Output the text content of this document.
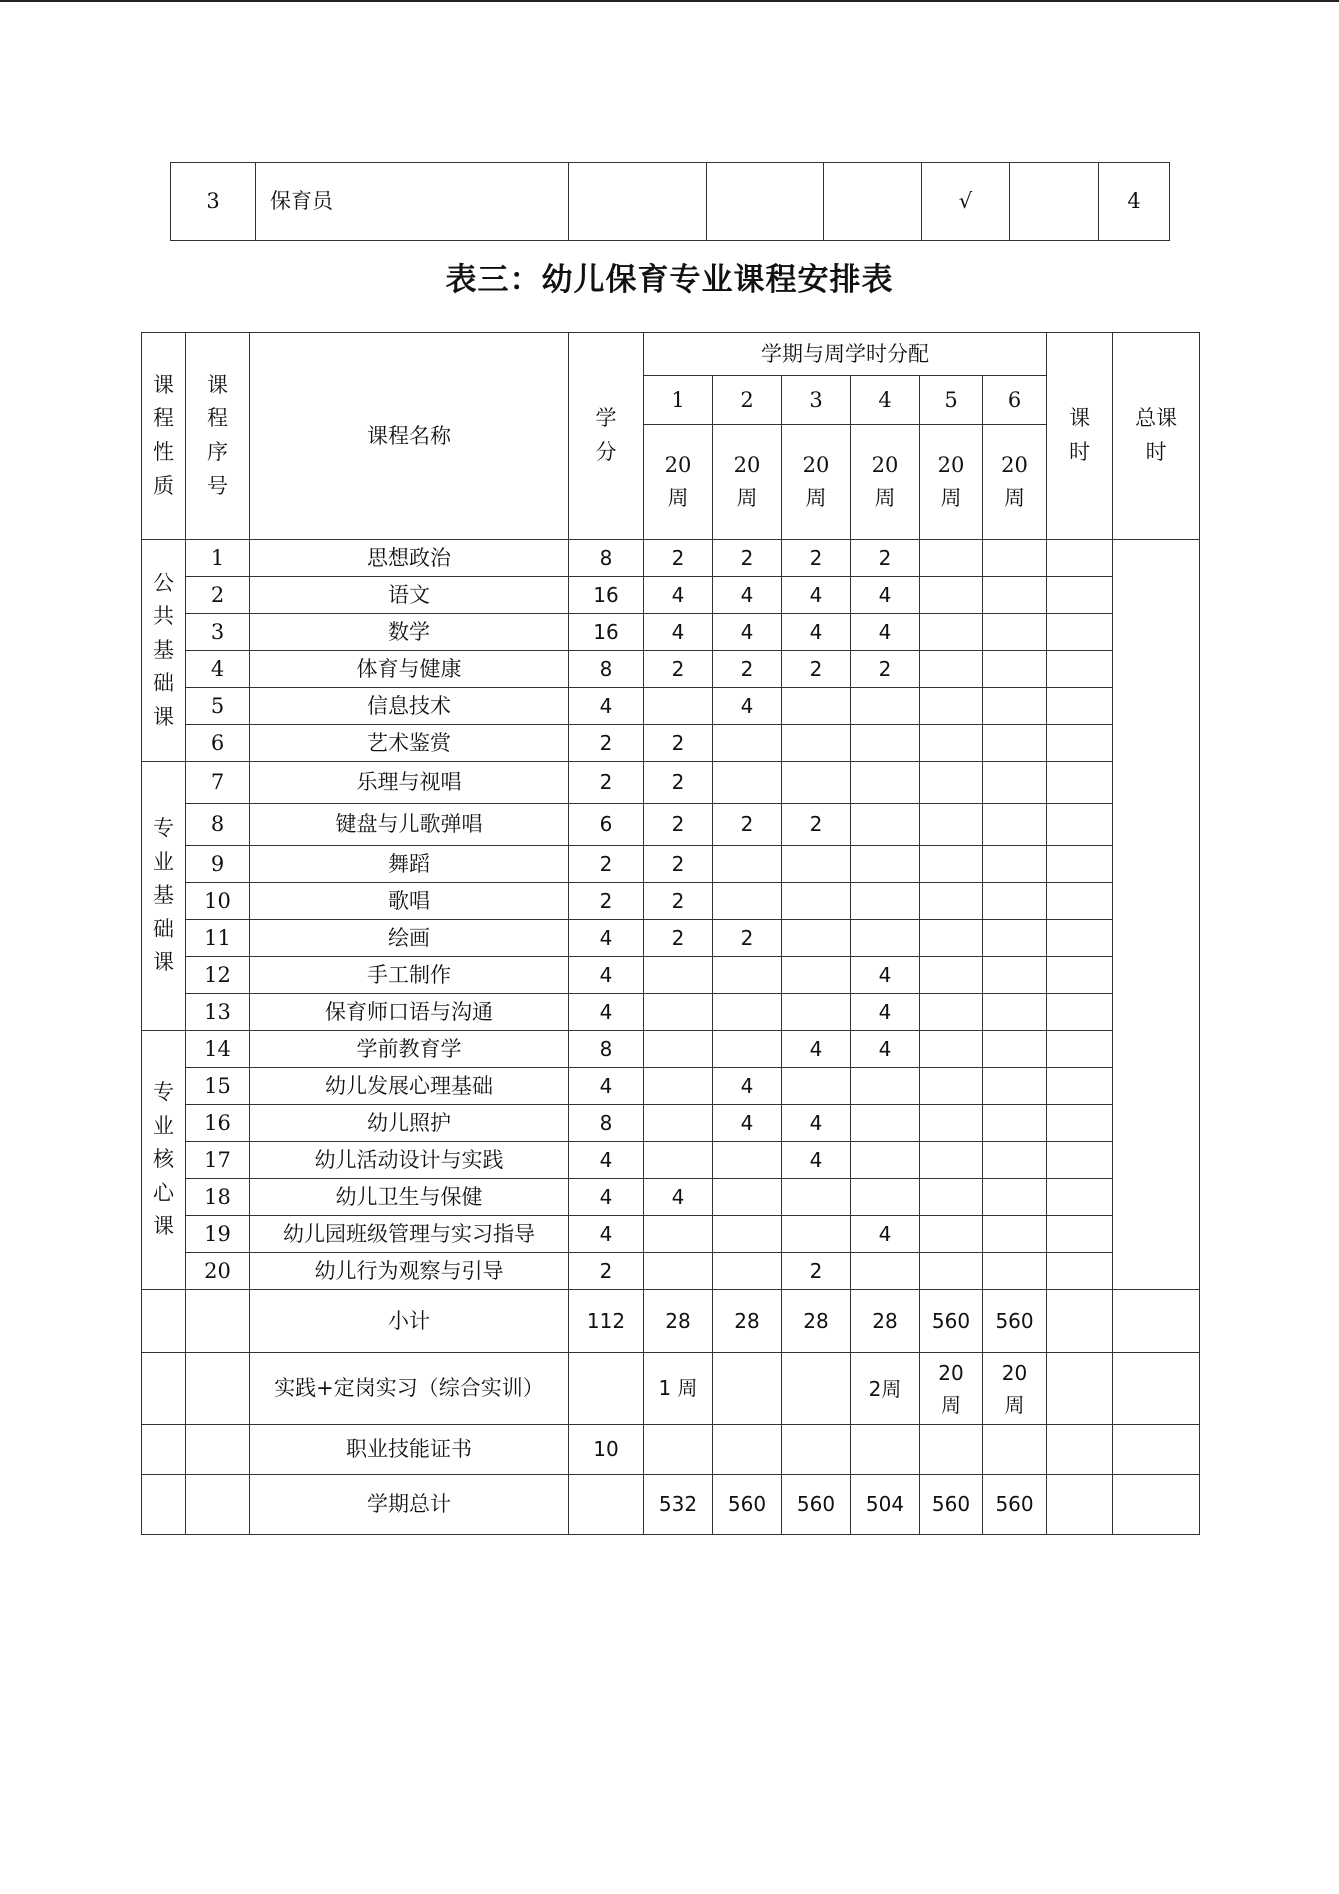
3	保育员				√		4
表三：幼儿保育专业课程安排表
课程性质	课程序号	课程名称	学分	学期与周学时分配						课时	总课时

				1	2	3	4	5	6		

				20周	20周	20周	20周	20周	20周		

公共基础课	1	思想政治	8	2	2	2	2				
	2	语文	16	4	4	4	4				
	3	数学	16	4	4	4	4				
	4	体育与健康	8	2	2	2	2				
	5	信息技术	4		4						
	6	艺术鉴赏	2	2							

专业基础课	7	乐理与视唱	2	2							
	8	键盘与儿歌弹唱	6	2	2	2					
	9	舞蹈	2	2							
	10	歌唱	2	2							
	11	绘画	4	2	2						
	12	手工制作	4				4				
	13	保育师口语与沟通	4				4				

专业核心课	14	学前教育学	8			4	4				
	15	幼儿发展心理基础	4		4						
	16	幼儿照护	8		4	4					
	17	幼儿活动设计与实践	4			4					
	18	幼儿卫生与保健	4	4							
	19	幼儿园班级管理与实习指导	4				4				
	20	幼儿行为观察与引导	2			2					
		小计	112	28	28	28	28	560	560		
		实践+定岗实习（综合实训）		1 周			2周	20周	20周		

		职业技能证书	10								
		学期总计		532	560	560	504	560	560		
